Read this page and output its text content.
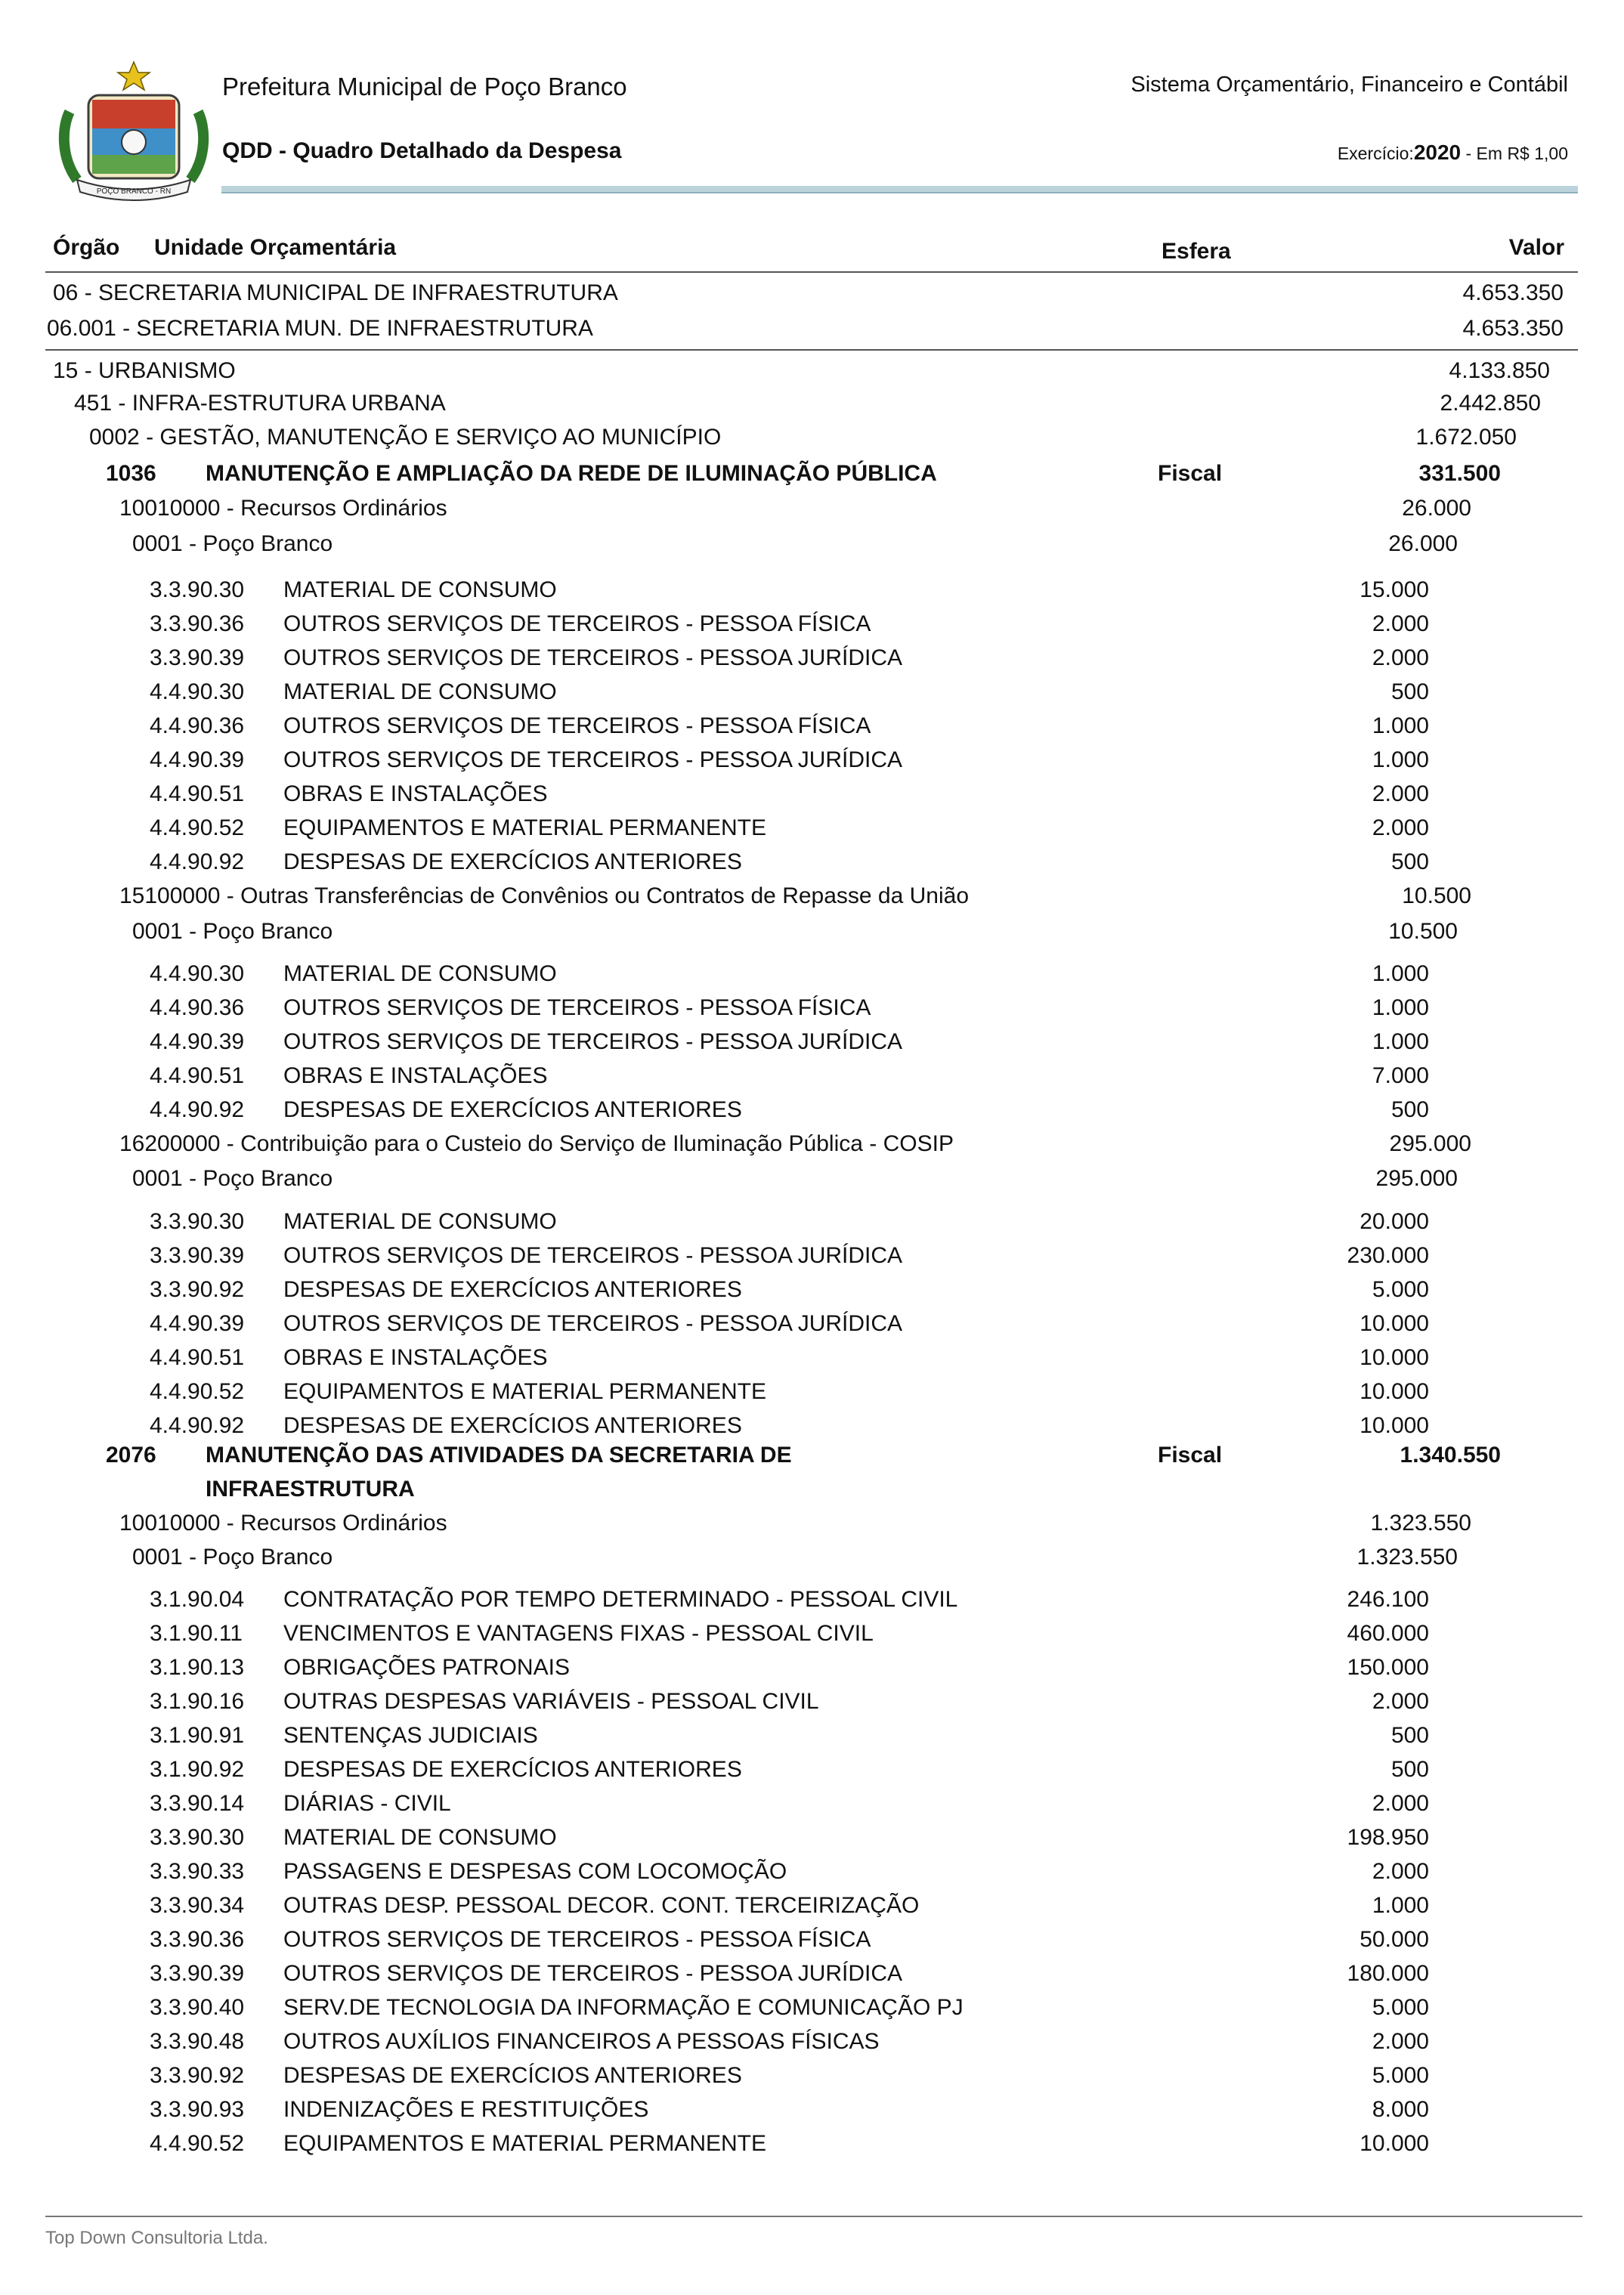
POÇO BRANCO - RN
Prefeitura Municipal de Poço Branco
QDD - Quadro Detalhado da Despesa
Sistema Orçamentário, Financeiro e Contábil
Exercício:2020 - Em R$ 1,00
Órgão Unidade Orçamentária	Esfera	Valor
06 - SECRETARIA MUNICIPAL DE INFRAESTRUTURA	4.653.350
06.001 - SECRETARIA MUN. DE INFRAESTRUTURA	4.653.350
15 - URBANISMO	4.133.850
451 - INFRA-ESTRUTURA URBANA	2.442.850
0002 - GESTÃO, MANUTENÇÃO E SERVIÇO AO MUNICÍPIO	1.672.050
1036 MANUTENÇÃO E AMPLIAÇÃO DA REDE DE ILUMINAÇÃO PÚBLICA	Fiscal	331.500
10010000 - Recursos Ordinários	26.000
0001 - Poço Branco	26.000
3.3.90.30 MATERIAL DE CONSUMO	15.000
3.3.90.36 OUTROS SERVIÇOS DE TERCEIROS - PESSOA FÍSICA	2.000
3.3.90.39 OUTROS SERVIÇOS DE TERCEIROS - PESSOA JURÍDICA	2.000
4.4.90.30 MATERIAL DE CONSUMO	500
4.4.90.36 OUTROS SERVIÇOS DE TERCEIROS - PESSOA FÍSICA	1.000
4.4.90.39 OUTROS SERVIÇOS DE TERCEIROS - PESSOA JURÍDICA	1.000
4.4.90.51 OBRAS E INSTALAÇÕES	2.000
4.4.90.52 EQUIPAMENTOS E MATERIAL PERMANENTE	2.000
4.4.90.92 DESPESAS DE EXERCÍCIOS ANTERIORES	500
15100000 - Outras Transferências de Convênios ou Contratos de Repasse da União	10.500
0001 - Poço Branco	10.500
4.4.90.30 MATERIAL DE CONSUMO	1.000
4.4.90.36 OUTROS SERVIÇOS DE TERCEIROS - PESSOA FÍSICA	1.000
4.4.90.39 OUTROS SERVIÇOS DE TERCEIROS - PESSOA JURÍDICA	1.000
4.4.90.51 OBRAS E INSTALAÇÕES	7.000
4.4.90.92 DESPESAS DE EXERCÍCIOS ANTERIORES	500
16200000 - Contribuição para o Custeio do Serviço de Iluminação Pública - COSIP	295.000
0001 - Poço Branco	295.000
3.3.90.30 MATERIAL DE CONSUMO	20.000
3.3.90.39 OUTROS SERVIÇOS DE TERCEIROS - PESSOA JURÍDICA	230.000
3.3.90.92 DESPESAS DE EXERCÍCIOS ANTERIORES	5.000
4.4.90.39 OUTROS SERVIÇOS DE TERCEIROS - PESSOA JURÍDICA	10.000
4.4.90.51 OBRAS E INSTALAÇÕES	10.000
4.4.90.52 EQUIPAMENTOS E MATERIAL PERMANENTE	10.000
4.4.90.92 DESPESAS DE EXERCÍCIOS ANTERIORES	10.000
2076 MANUTENÇÃO DAS ATIVIDADES DA SECRETARIA DE	Fiscal	1.340.550
INFRAESTRUTURA
10010000 - Recursos Ordinários	1.323.550
0001 - Poço Branco	1.323.550
3.1.90.04 CONTRATAÇÃO POR TEMPO DETERMINADO - PESSOAL CIVIL	246.100
3.1.90.11 VENCIMENTOS E VANTAGENS FIXAS - PESSOAL CIVIL	460.000
3.1.90.13 OBRIGAÇÕES PATRONAIS	150.000
3.1.90.16 OUTRAS DESPESAS VARIÁVEIS - PESSOAL CIVIL	2.000
3.1.90.91 SENTENÇAS JUDICIAIS	500
3.1.90.92 DESPESAS DE EXERCÍCIOS ANTERIORES	500
3.3.90.14 DIÁRIAS - CIVIL	2.000
3.3.90.30 MATERIAL DE CONSUMO	198.950
3.3.90.33 PASSAGENS E DESPESAS COM LOCOMOÇÃO	2.000
3.3.90.34 OUTRAS DESP. PESSOAL DECOR. CONT. TERCEIRIZAÇÃO	1.000
3.3.90.36 OUTROS SERVIÇOS DE TERCEIROS - PESSOA FÍSICA	50.000
3.3.90.39 OUTROS SERVIÇOS DE TERCEIROS - PESSOA JURÍDICA	180.000
3.3.90.40 SERV.DE TECNOLOGIA DA INFORMAÇÃO E COMUNICAÇÃO PJ	5.000
3.3.90.48 OUTROS AUXÍLIOS FINANCEIROS A PESSOAS FÍSICAS	2.000
3.3.90.92 DESPESAS DE EXERCÍCIOS ANTERIORES	5.000
3.3.90.93 INDENIZAÇÕES E RESTITUIÇÕES	8.000
4.4.90.52 EQUIPAMENTOS E MATERIAL PERMANENTE	10.000
Top Down Consultoria Ltda.
